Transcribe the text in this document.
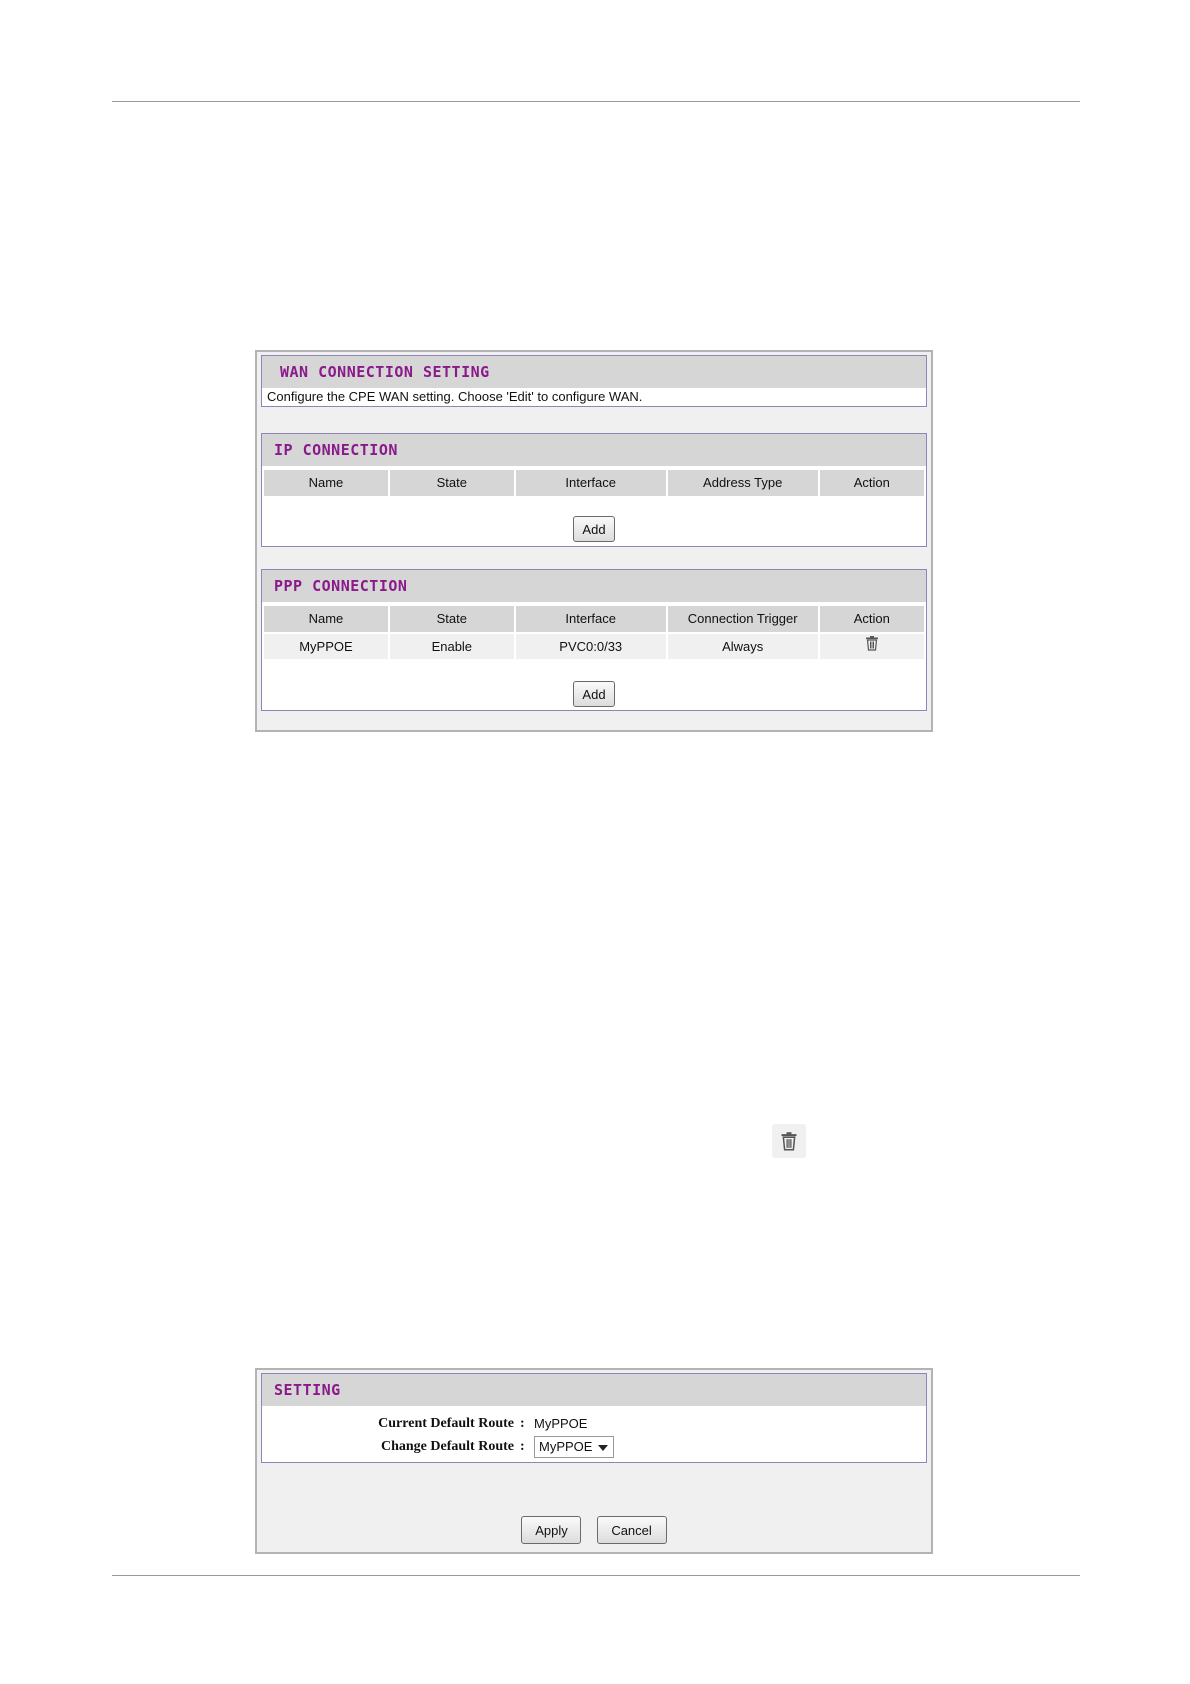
WAN CONNECTION SETTING
Configure the CPE WAN setting. Choose 'Edit' to configure WAN.
IP CONNECTION
Name	State	Interface	Address Type	Action
Add
PPP CONNECTION
Name	State	Interface	Connection Trigger	Action
MyPPOE	Enable	PVC0:0/33	Always	
Add
SETTING
Current Default Route : MyPPOE
Change Default Route :	MyPPOE
Apply	Cancel
